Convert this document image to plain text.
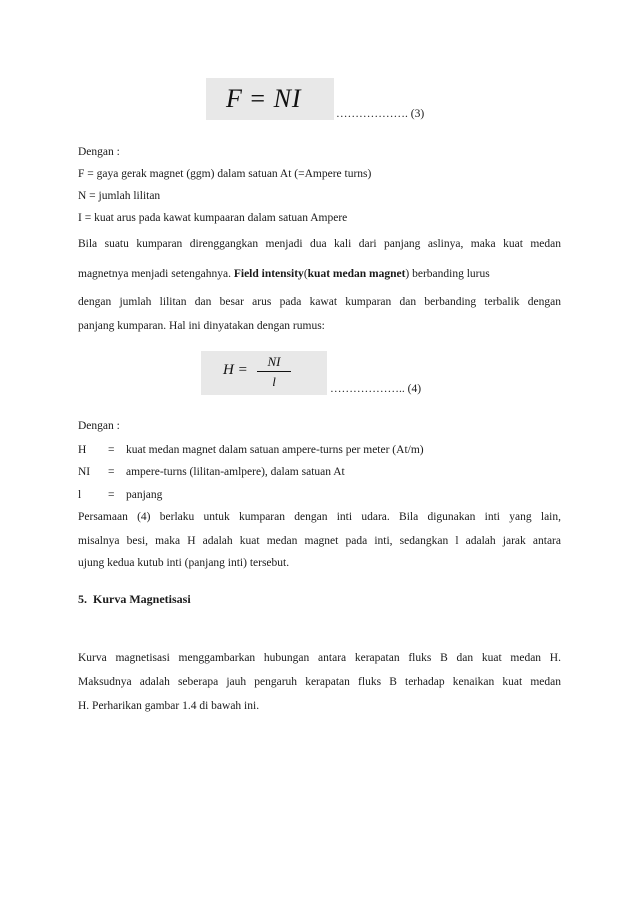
F = NI
………………. (3)
Dengan :
F = gaya gerak magnet (ggm) dalam satuan At (=Ampere turns)
N = jumlah lilitan
I = kuat arus pada kawat kumpaaran dalam satuan Ampere
Bila suatu kumparan direnggangkan menjadi dua kali dari panjang aslinya, maka kuat medan
magnetnya menjadi setengahnya. Field intensity(kuat medan magnet) berbanding lurus
dengan jumlah lilitan dan besar arus pada kawat kumparan dan berbanding terbalik dengan
panjang kumparan. Hal ini dinyatakan dengan rumus:
H =
NI
l	……………….. (4)
Dengan :
H = kuat medan magnet dalam satuan ampere-turns per meter (At/m)
NI = ampere-turns (lilitan-amlpere), dalam satuan At
l = panjang
Persamaan (4) berlaku untuk kumparan dengan inti udara. Bila digunakan inti yang lain,
misalnya besi, maka H adalah kuat medan magnet pada inti, sedangkan l adalah jarak antara
ujung kedua kutub inti (panjang inti) tersebut.
5. Kurva Magnetisasi
Kurva magnetisasi menggambarkan hubungan antara kerapatan fluks B dan kuat medan H.
Maksudnya adalah seberapa jauh pengaruh kerapatan fluks B terhadap kenaikan kuat medan
H. Perharikan gambar 1.4 di bawah ini.
